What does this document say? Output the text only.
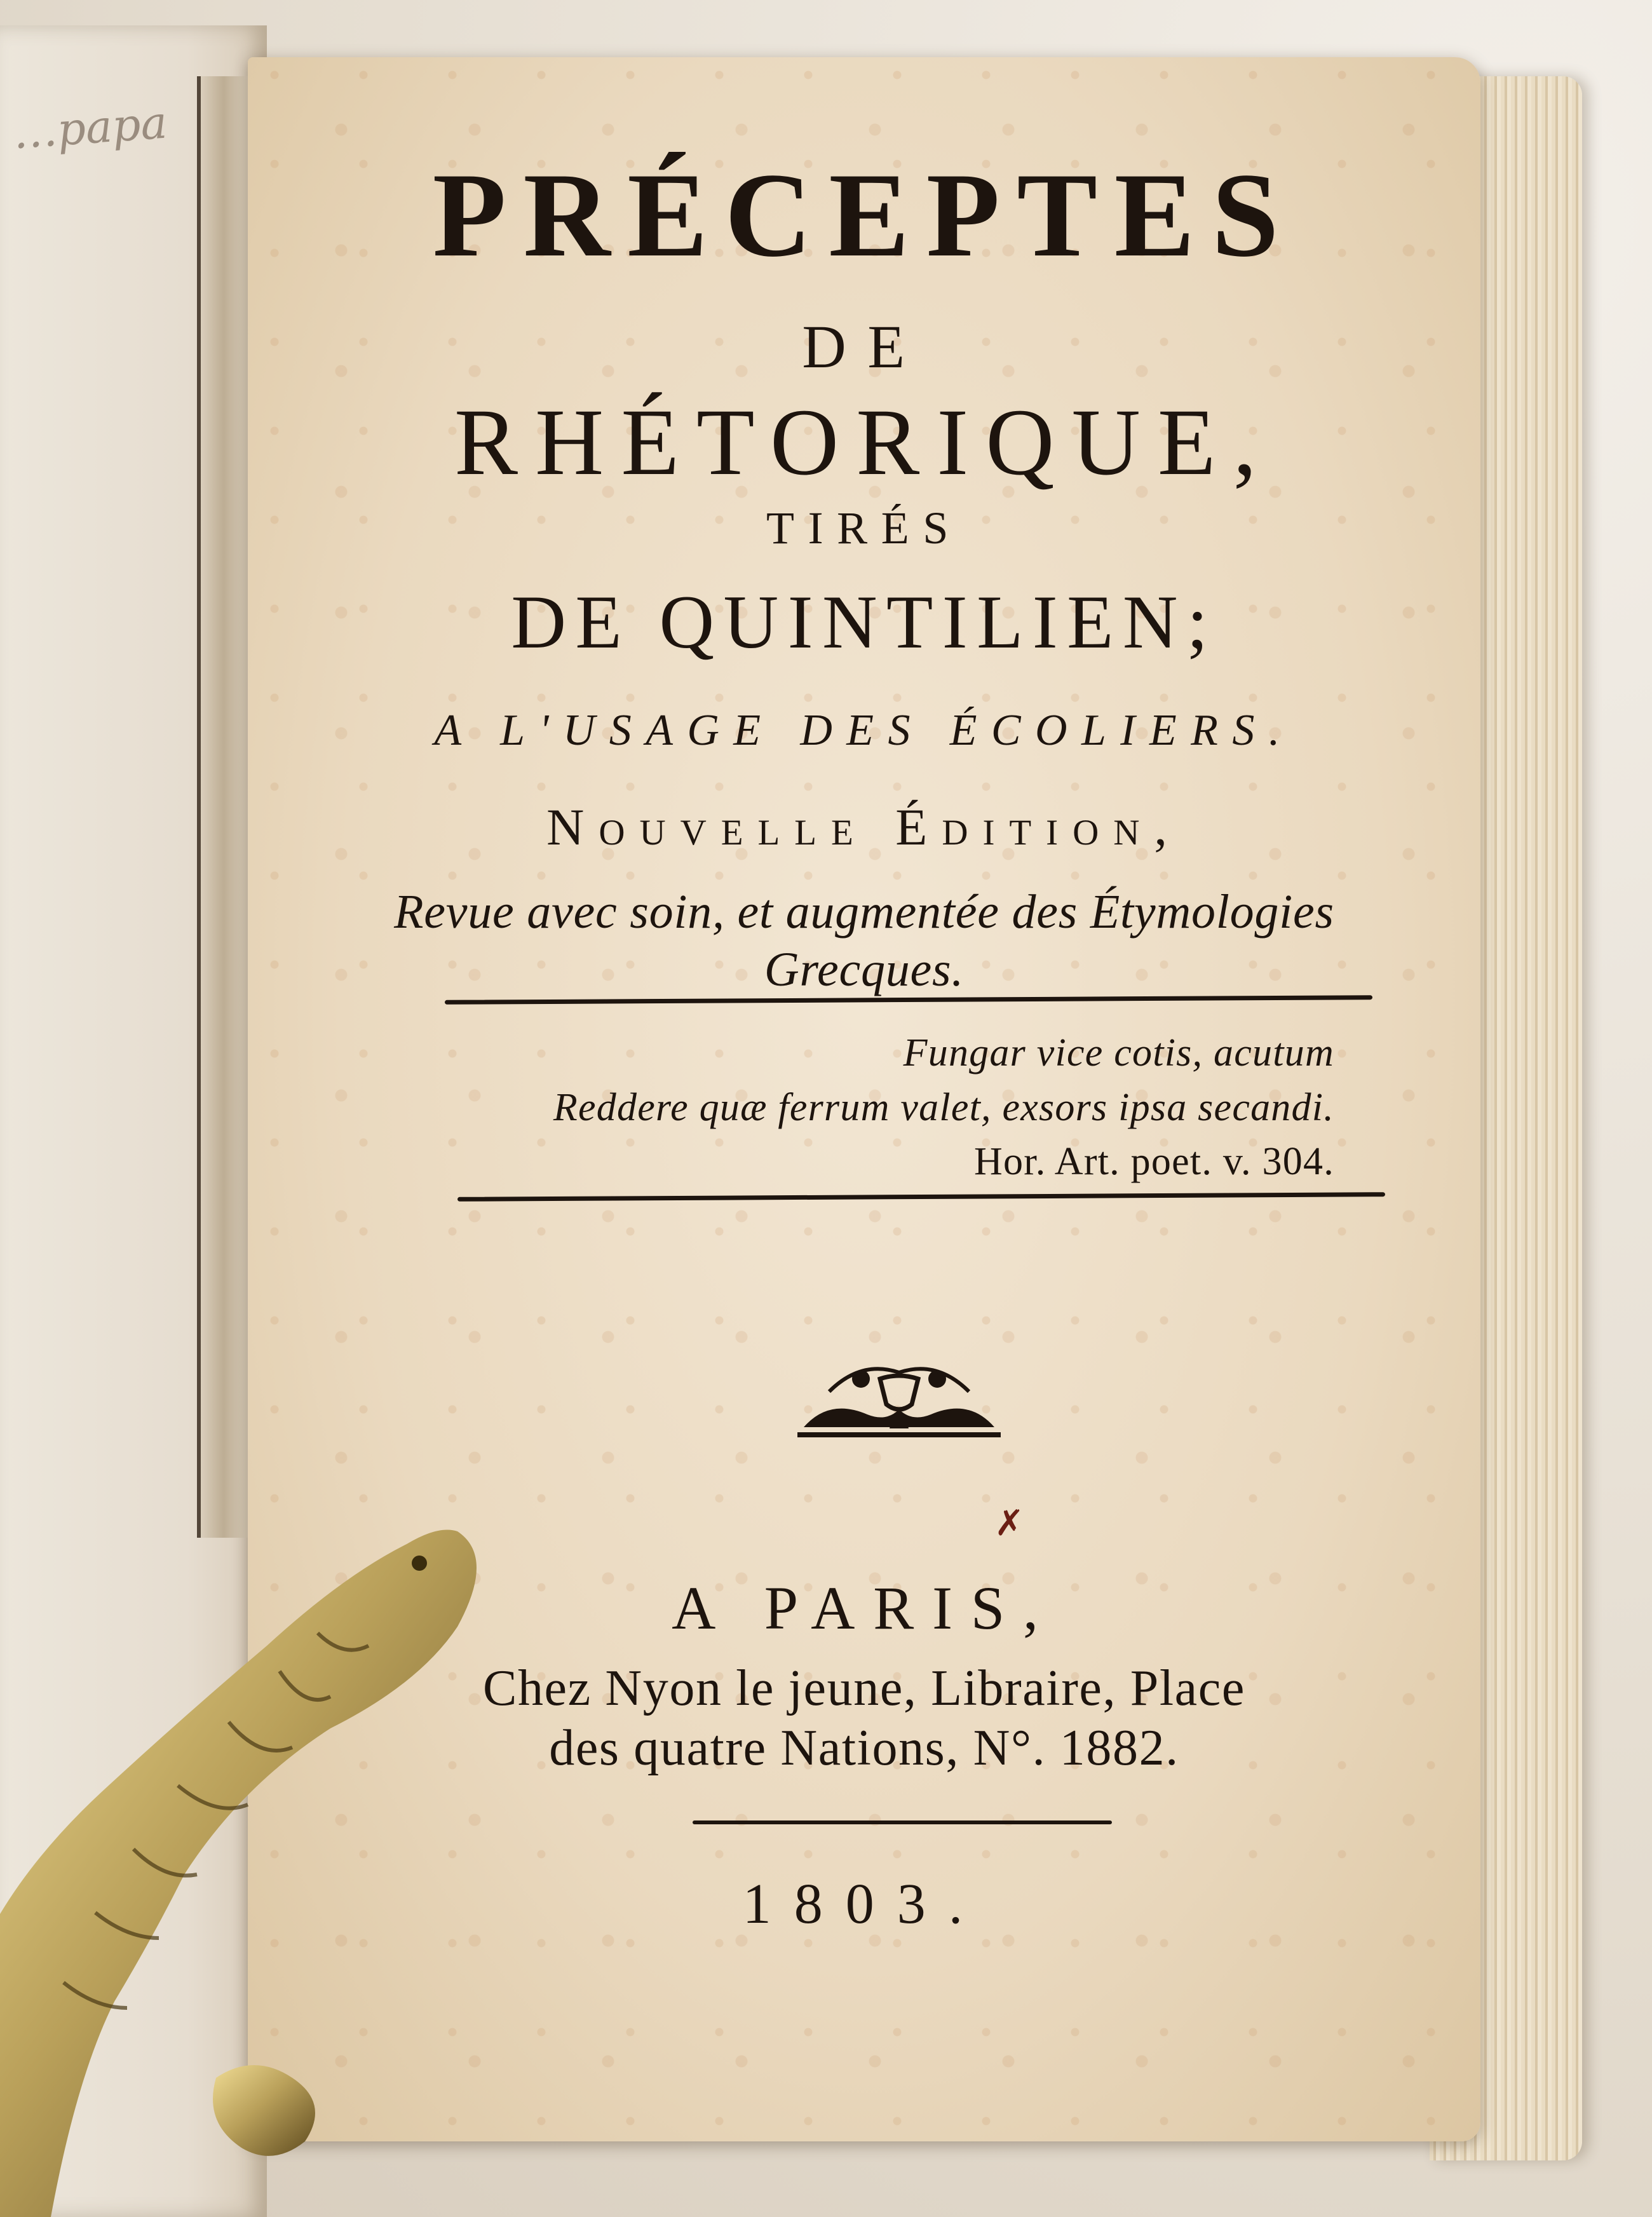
…papa
PRÉCEPTES
DE
RHÉTORIQUE,
TIRÉS
DE QUINTILIEN;
A L'USAGE DES ÉCOLIERS.
Nouvelle Édition,
Revue avec soin, et augmentée des Étymologies
Grecques.
Fungar vice cotis, acutum
Reddere quæ ferrum valet, exsors ipsa secandi.
Hor. Art. poet. v. 304.
✗
A PARIS,
Chez Nyon le jeune, Libraire, Place
des quatre Nations, N°. 1882.
1803.
